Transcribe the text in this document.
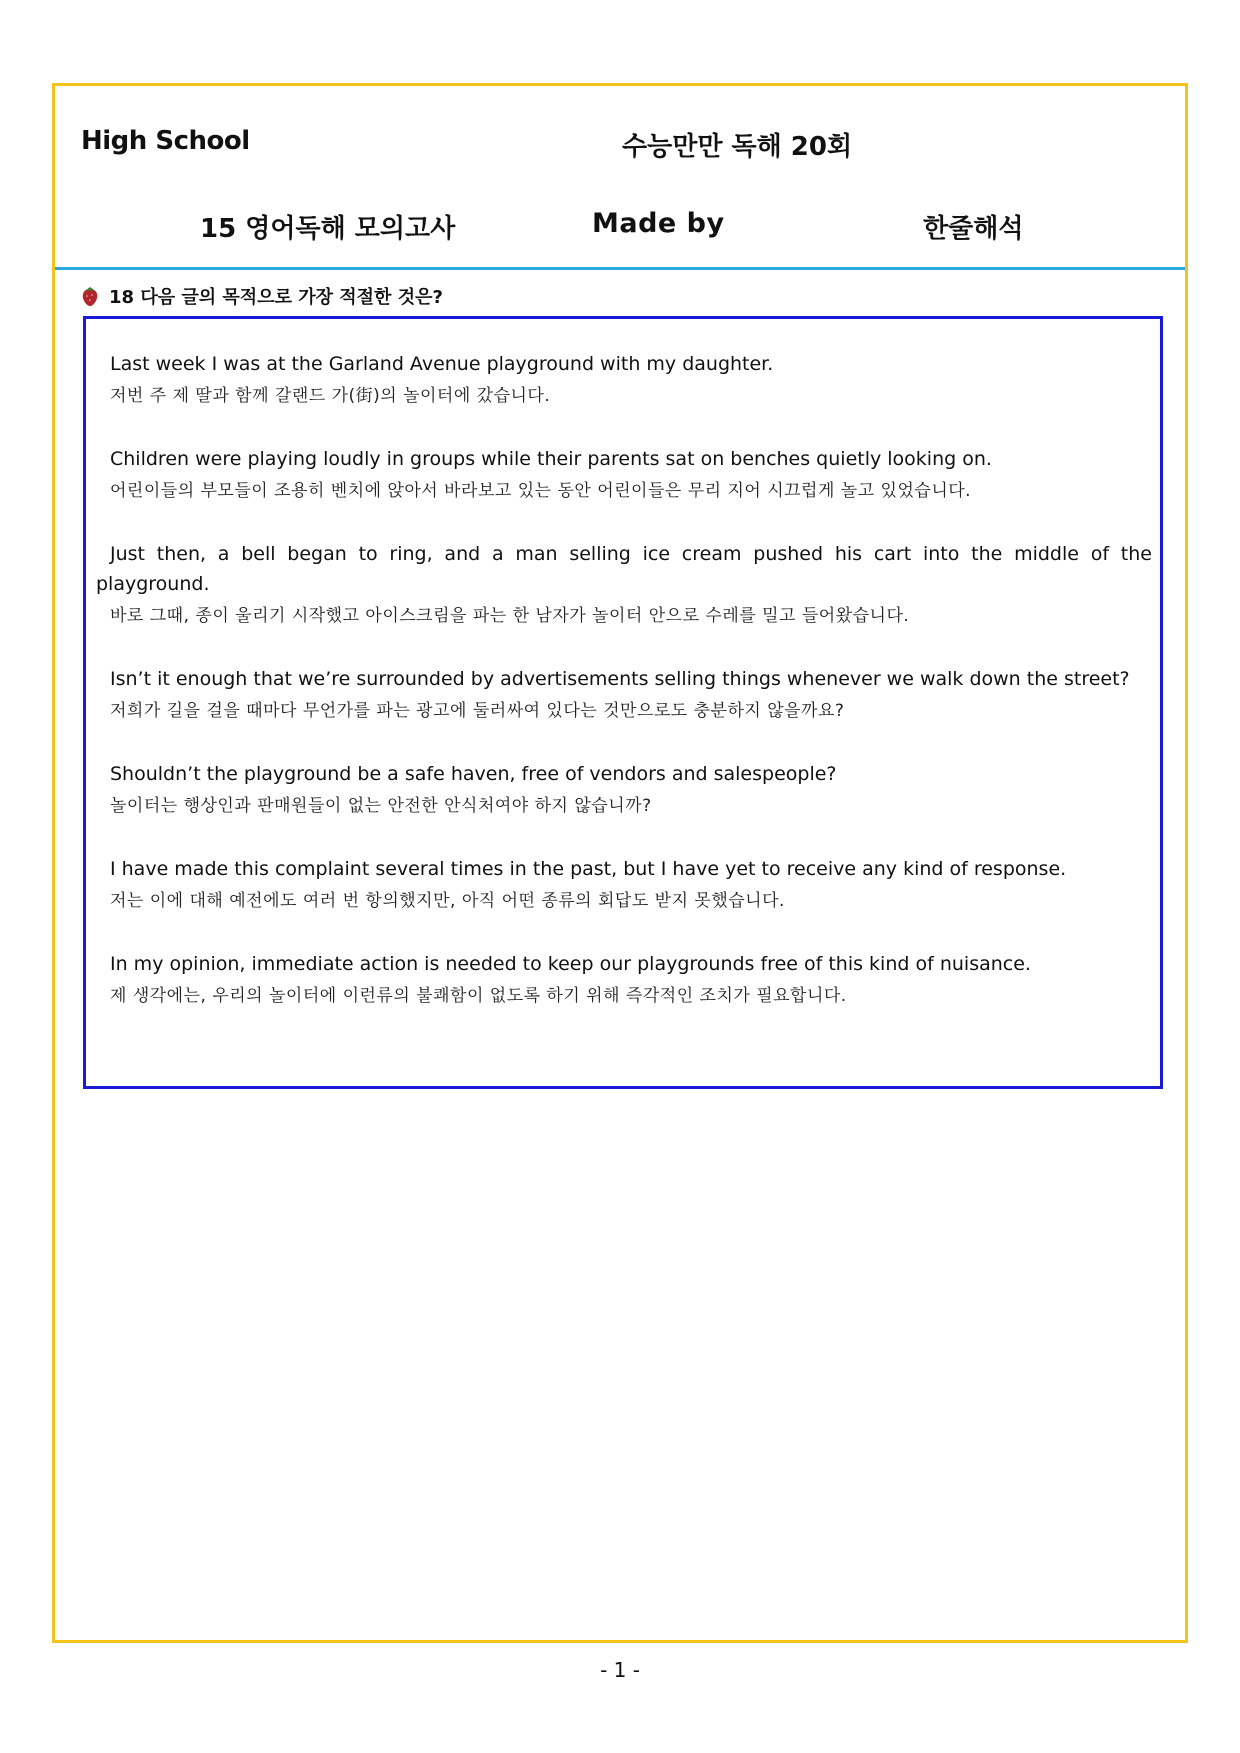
High School	수능만만 독해 20회
15 영어독해 모의고사	Made by	한줄해석
18 다음 글의 목적으로 가장 적절한 것은?

Last week I was at the Garland Avenue playground with my daughter.

저번 주 제 딸과 함께 갈랜드 가(街)의 놀이터에 갔습니다.

Children were playing loudly in groups while their parents sat on benches quietly looking on.

어린이들의 부모들이 조용히 벤치에 앉아서 바라보고 있는 동안 어린이들은 무리 지어 시끄럽게 놀고 있었습니다.

Just then, a bell began to ring, and a man selling ice cream pushed his cart into the middle of the playground.

바로 그때, 종이 울리기 시작했고 아이스크림을 파는 한 남자가 놀이터 안으로 수레를 밀고 들어왔습니다.

Isn’t it enough that we’re surrounded by advertisements selling things whenever we walk down the street?

저희가 길을 걸을 때마다 무언가를 파는 광고에 둘러싸여 있다는 것만으로도 충분하지 않을까요?

Shouldn’t the playground be a safe haven, free of vendors and salespeople?

놀이터는 행상인과 판매원들이 없는 안전한 안식처여야 하지 않습니까?

I have made this complaint several times in the past, but I have yet to receive any kind of response.

저는 이에 대해 예전에도 여러 번 항의했지만, 아직 어떤 종류의 회답도 받지 못했습니다.

In my opinion, immediate action is needed to keep our playgrounds free of this kind of nuisance.

제 생각에는, 우리의 놀이터에 이런류의 불쾌함이 없도록 하기 위해 즉각적인 조치가 필요합니다.

- 1 -
